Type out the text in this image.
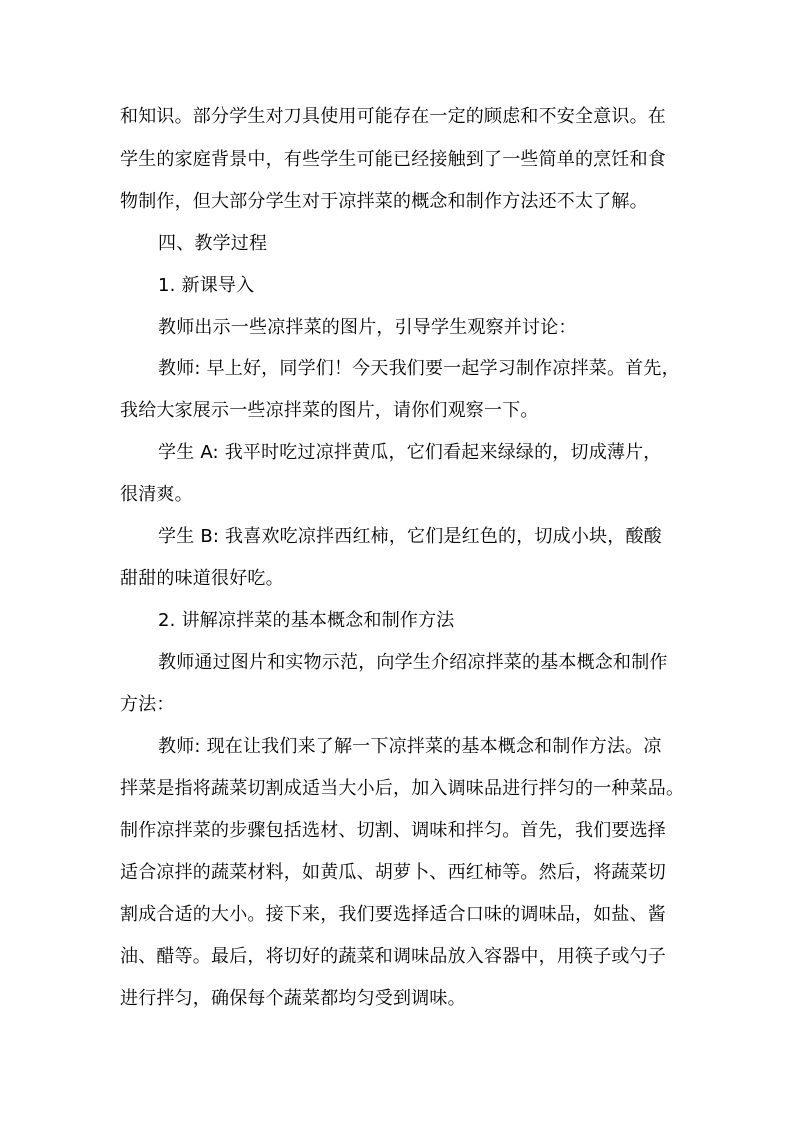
和知识。部分学生对刀具使用可能存在一定的顾虑和不安全意识。在
学生的家庭背景中，有些学生可能已经接触到了一些简单的烹饪和食
物制作，但大部分学生对于凉拌菜的概念和制作方法还不太了解。
四、教学过程
1. 新课导入
教师出示一些凉拌菜的图片，引导学生观察并讨论：
教师: 早上好，同学们！今天我们要一起学习制作凉拌菜。首先，
我给大家展示一些凉拌菜的图片，请你们观察一下。
学生 A: 我平时吃过凉拌黄瓜，它们看起来绿绿的，切成薄片，
很清爽。
学生 B: 我喜欢吃凉拌西红柿，它们是红色的，切成小块，酸酸
甜甜的味道很好吃。
2. 讲解凉拌菜的基本概念和制作方法
教师通过图片和实物示范，向学生介绍凉拌菜的基本概念和制作
方法：
教师: 现在让我们来了解一下凉拌菜的基本概念和制作方法。凉
拌菜是指将蔬菜切割成适当大小后，加入调味品进行拌匀的一种菜品。
制作凉拌菜的步骤包括选材、切割、调味和拌匀。首先，我们要选择
适合凉拌的蔬菜材料，如黄瓜、胡萝卜、西红柿等。然后，将蔬菜切
割成合适的大小。接下来，我们要选择适合口味的调味品，如盐、酱
油、醋等。最后，将切好的蔬菜和调味品放入容器中，用筷子或勺子
进行拌匀，确保每个蔬菜都均匀受到调味。
